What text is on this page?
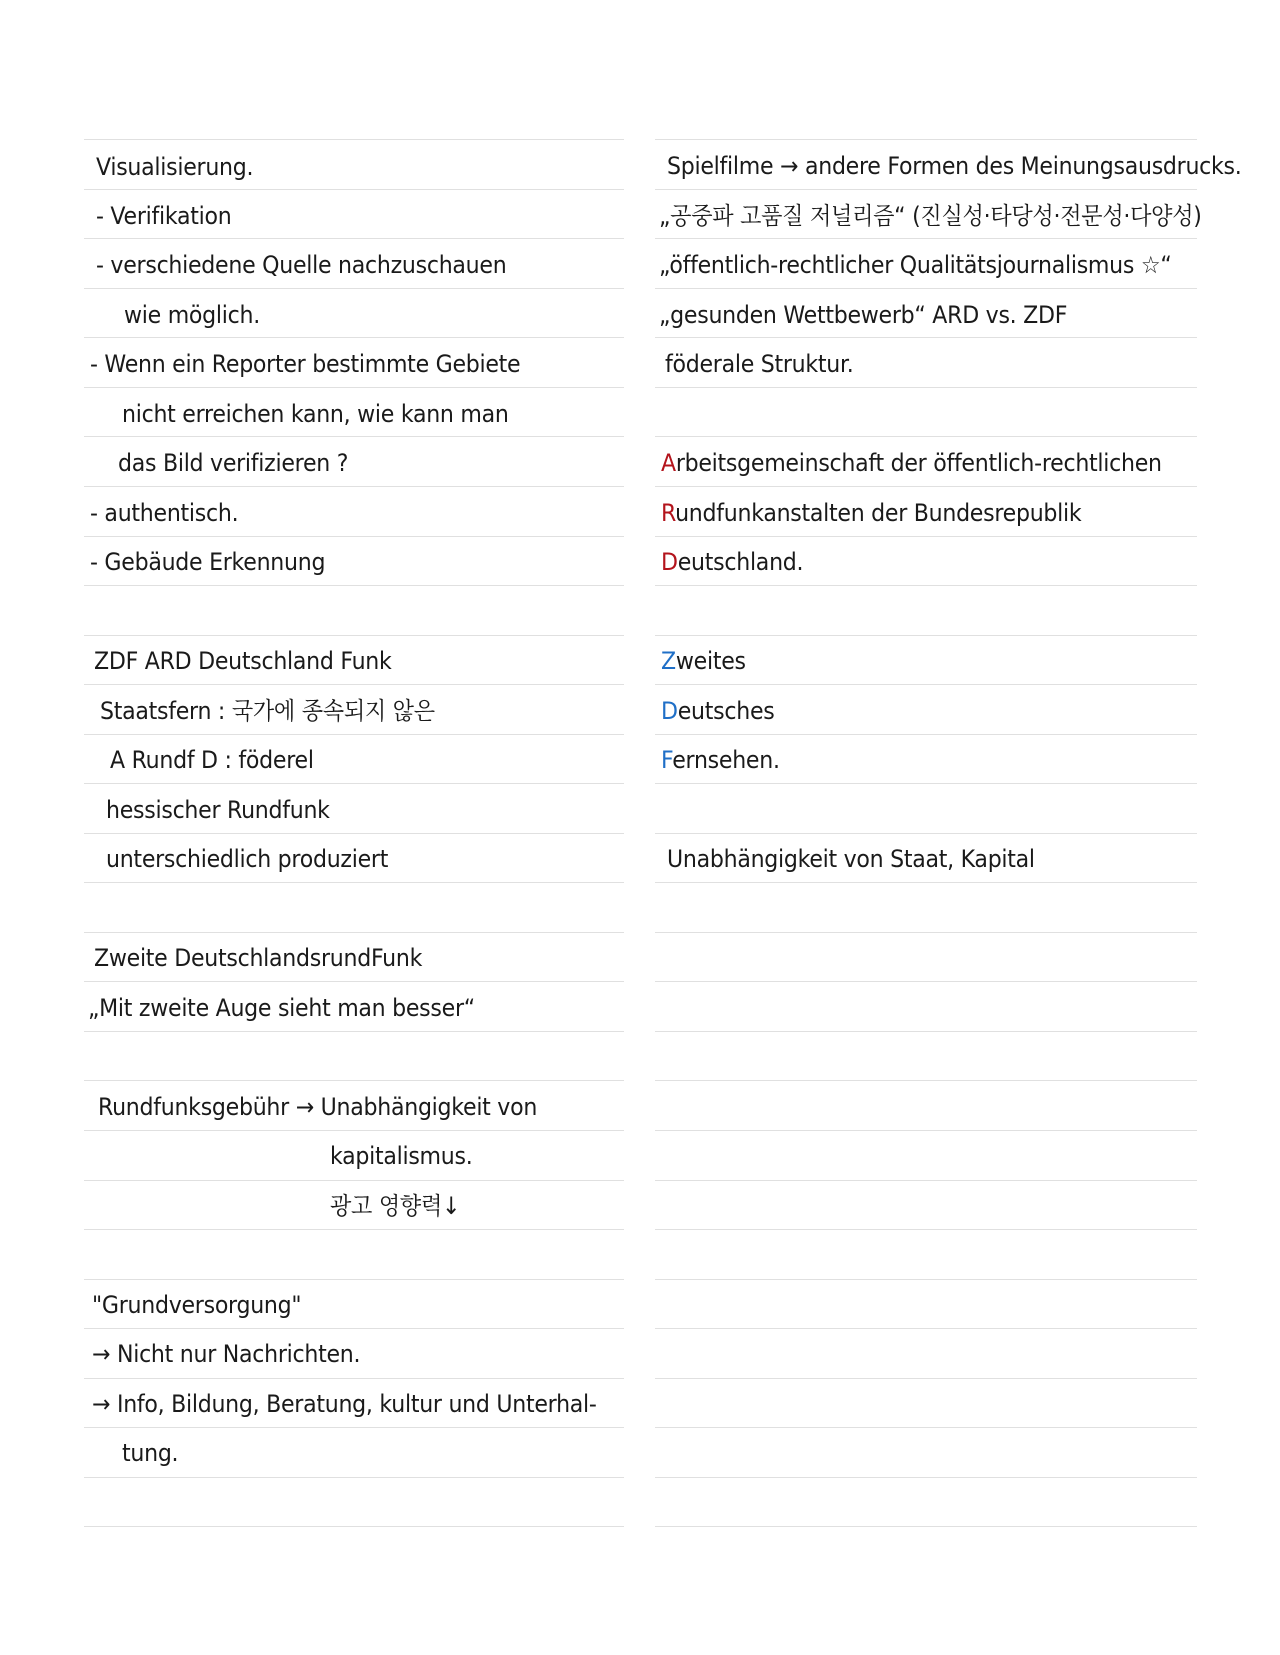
Visualisierung.
- Verifikation
- verschiedene Quelle nachzuschauen
wie möglich.
- Wenn ein Reporter bestimmte Gebiete
nicht erreichen kann, wie kann man
das Bild verifizieren ?
- authentisch.
- Gebäude Erkennung
ZDF ARD Deutschland Funk
Staatsfern : 국가에 종속되지 않은
A Rundf D : föderel
hessischer Rundfunk
unterschiedlich produziert
Zweite DeutschlandsrundFunk
„Mit zweite Auge sieht man besser“
Rundfunksgebühr → Unabhängigkeit von
kapitalismus.
광고 영향력↓
"Grundversorgung"
→ Nicht nur Nachrichten.
→ Info, Bildung, Beratung, kultur und Unterhal-
tung.
Spielfilme → andere Formen des Meinungsausdrucks.
„공중파 고품질 저널리즘“ (진실성·타당성·전문성·다양성)
„öffentlich-rechtlicher Qualitätsjournalismus ☆“
„gesunden Wettbewerb“ ARD vs. ZDF
föderale Struktur.
Arbeitsgemeinschaft der öffentlich-rechtlichen
Rundfunkanstalten der Bundesrepublik
Deutschland.
Zweites
Deutsches
Fernsehen.
Unabhängigkeit von Staat, Kapital
